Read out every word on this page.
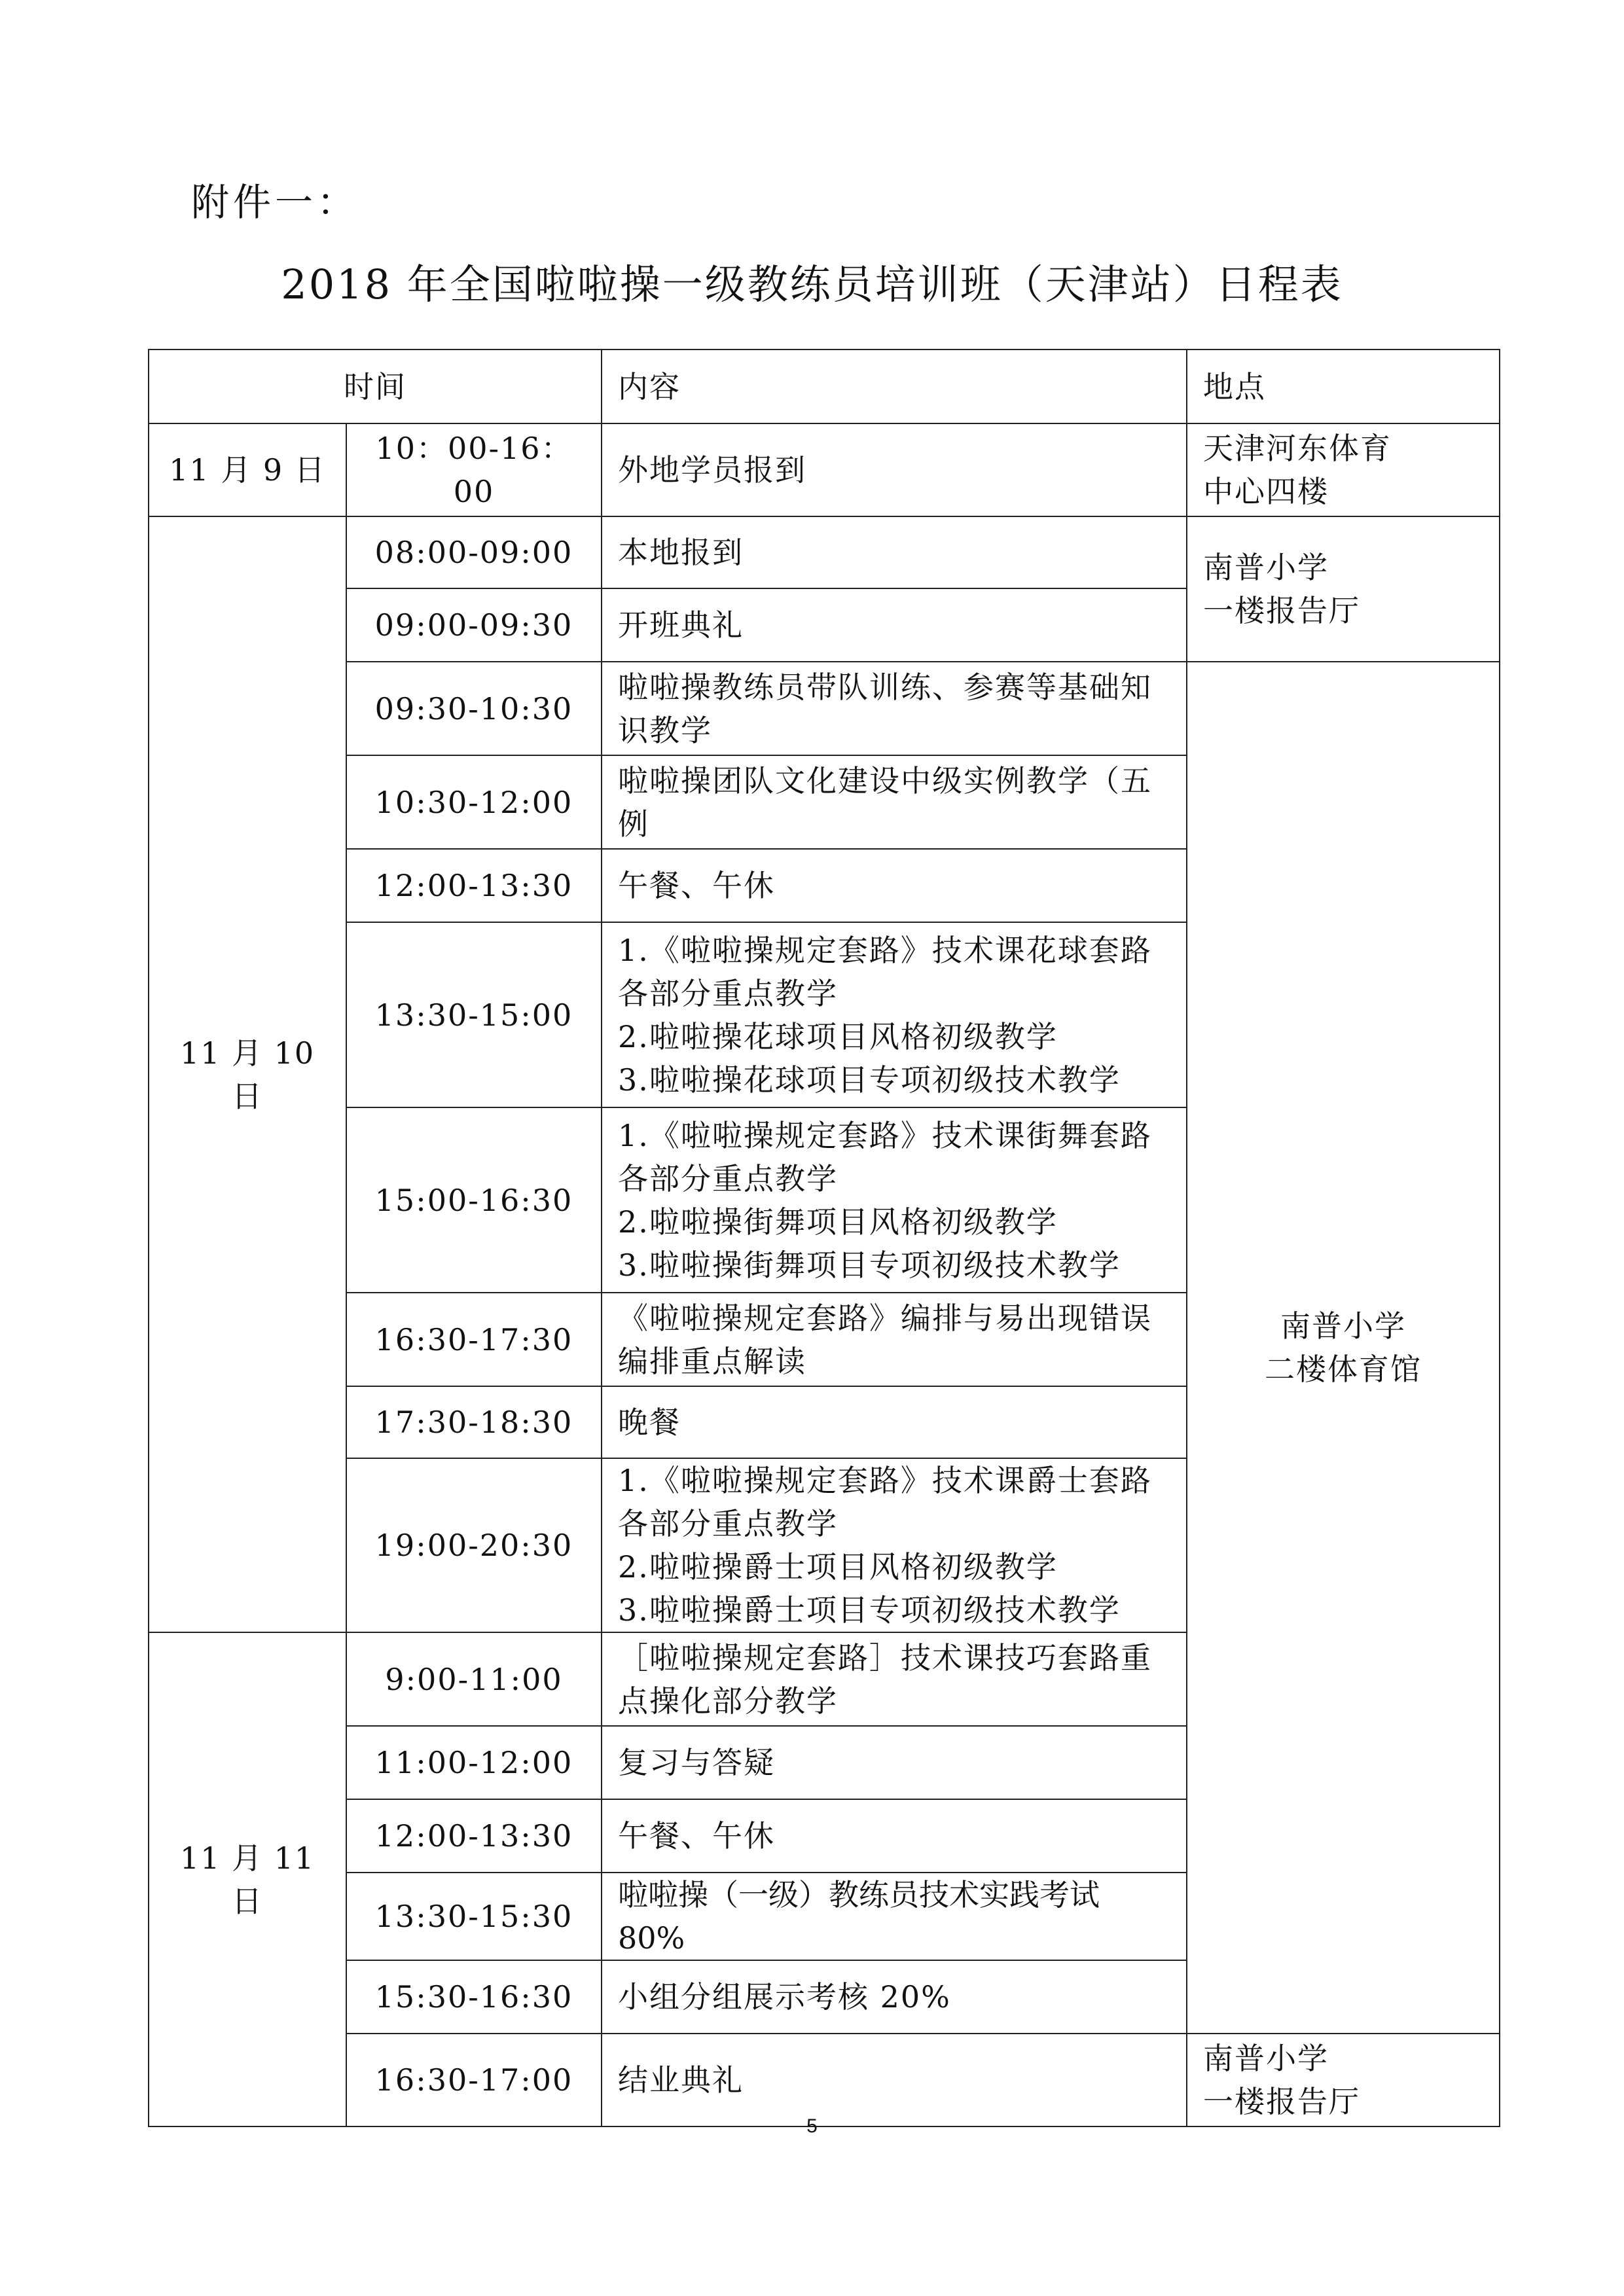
附件一：
2018 年全国啦啦操一级教练员培训班（天津站）日程表
时间		内容	地点
11 月 9 日	10：00-16：00	外地学员报到	天津河东体育
中心四楼

11 月 10 日	08:00-09:00	本地报到	南普小学
一楼报告厅

	09:00-09:30	开班典礼	

	09:30-10:30	啦啦操教练员带队训练、参赛等基础知
识教学	南普小学
二楼体育馆

	10:30-12:00	啦啦操团队文化建设中级实例教学（五
例	

	12:00-13:30	午餐、午休	

	13:30-15:00	1.《啦啦操规定套路》技术课花球套路
各部分重点教学
2.啦啦操花球项目风格初级教学
3.啦啦操花球项目专项初级技术教学	

	15:00-16:30	1.《啦啦操规定套路》技术课街舞套路
各部分重点教学
2.啦啦操街舞项目风格初级教学
3.啦啦操街舞项目专项初级技术教学	

	16:30-17:30	《啦啦操规定套路》编排与易出现错误
编排重点解读	

	17:30-18:30	晚餐	

	19:00-20:30	1.《啦啦操规定套路》技术课爵士套路
各部分重点教学
2.啦啦操爵士项目风格初级教学
3.啦啦操爵士项目专项初级技术教学	

11 月 11 日	9:00-11:00	［啦啦操规定套路］技术课技巧套路重
点操化部分教学	

	11:00-12:00	复习与答疑	

	12:00-13:30	午餐、午休	

	13:30-15:30	啦啦操（一级）教练员技术实践考试 80%	

	15:30-16:30	小组分组展示考核 20%	

	16:30-17:00	结业典礼	南普小学
一楼报告厅
5
